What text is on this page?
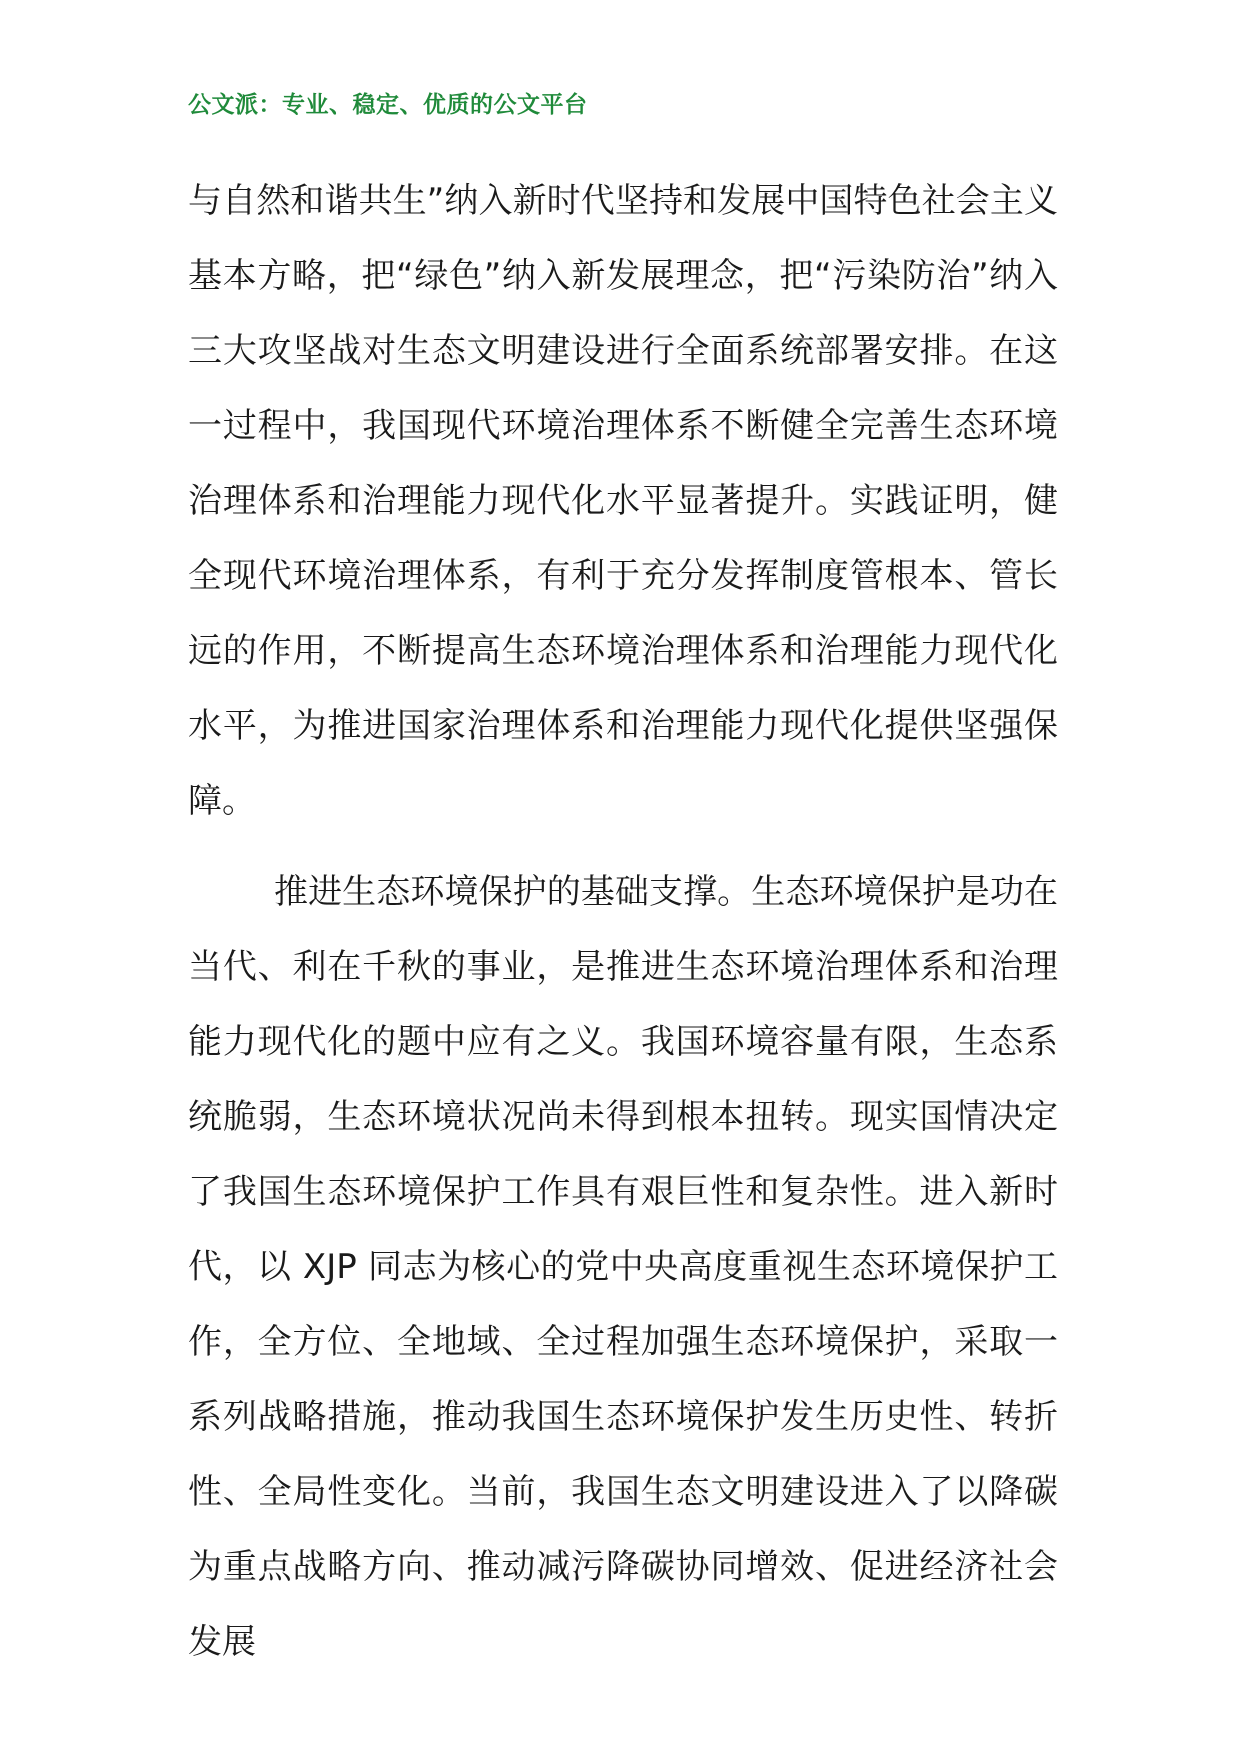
公文派：专业、稳定、优质的公文平台

与自然和谐共生”纳入新时代坚持和发展中国特色社会主义基本方略，把“绿色”纳入新发展理念，把“污染防治”纳入三大攻坚战对生态文明建设进行全面系统部署安排。在这一过程中，我国现代环境治理体系不断健全完善生态环境治理体系和治理能力现代化水平显著提升。实践证明，健全现代环境治理体系，有利于充分发挥制度管根本、管长远的作用，不断提高生态环境治理体系和治理能力现代化水平，为推进国家治理体系和治理能力现代化提供坚强保障。

推进生态环境保护的基础支撑。生态环境保护是功在当代、利在千秋的事业，是推进生态环境治理体系和治理能力现代化的题中应有之义。我国环境容量有限，生态系统脆弱，生态环境状况尚未得到根本扭转。现实国情决定了我国生态环境保护工作具有艰巨性和复杂性。进入新时代，以 XJP 同志为核心的党中央高度重视生态环境保护工作，全方位、全地域、全过程加强生态环境保护，采取一系列战略措施，推动我国生态环境保护发生历史性、转折性、全局性变化。当前，我国生态文明建设进入了以降碳为重点战略方向、推动减污降碳协同增效、促进经济社会发展
